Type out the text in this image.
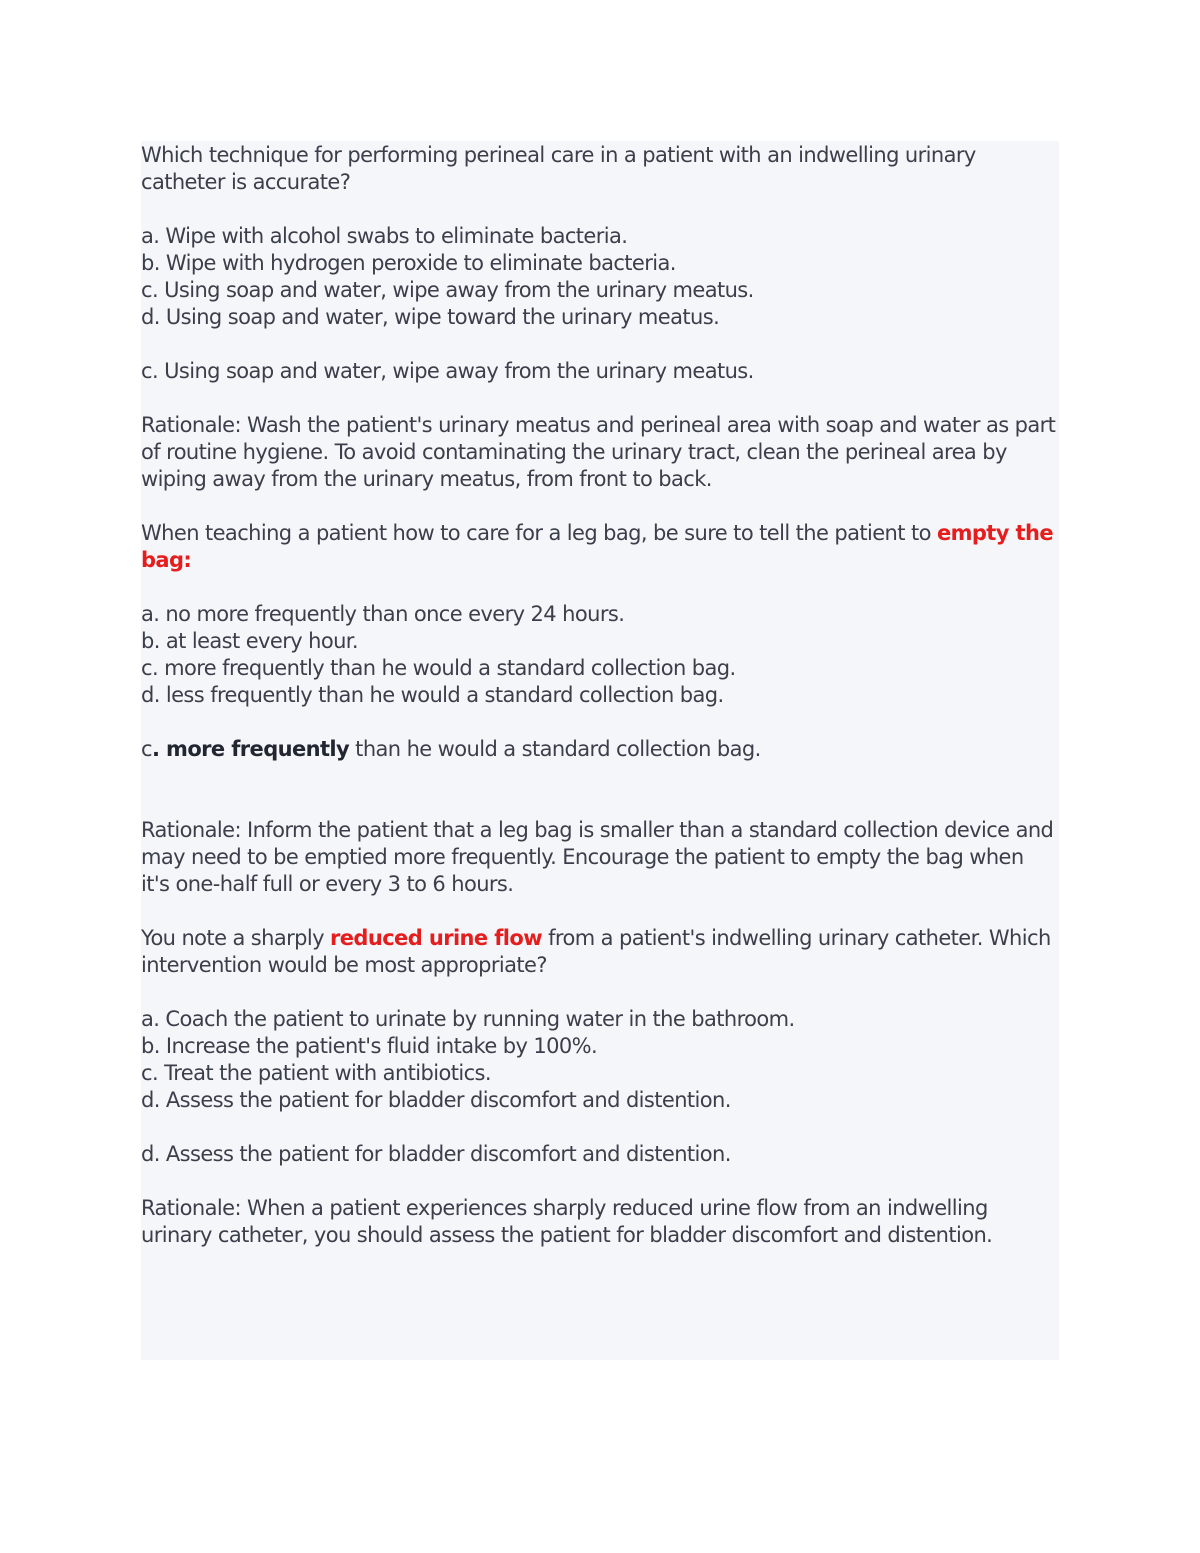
Which technique for performing perineal care in a patient with an indwelling urinary catheter is accurate?

a. Wipe with alcohol swabs to eliminate bacteria.
b. Wipe with hydrogen peroxide to eliminate bacteria.
c. Using soap and water, wipe away from the urinary meatus.
d. Using soap and water, wipe toward the urinary meatus.

c. Using soap and water, wipe away from the urinary meatus.

Rationale: Wash the patient's urinary meatus and perineal area with soap and water as part of routine hygiene. To avoid contaminating the urinary tract, clean the perineal area by wiping away from the urinary meatus, from front to back.

When teaching a patient how to care for a leg bag, be sure to tell the patient to empty the bag:

a. no more frequently than once every 24 hours.
b. at least every hour.
c. more frequently than he would a standard collection bag.
d. less frequently than he would a standard collection bag.

c. more frequently than he would a standard collection bag.

Rationale: Inform the patient that a leg bag is smaller than a standard collection device and may need to be emptied more frequently. Encourage the patient to empty the bag when it's one-half full or every 3 to 6 hours.

You note a sharply reduced urine flow from a patient's indwelling urinary catheter. Which intervention would be most appropriate?

a. Coach the patient to urinate by running water in the bathroom.
b. Increase the patient's fluid intake by 100%.
c. Treat the patient with antibiotics.
d. Assess the patient for bladder discomfort and distention.

d. Assess the patient for bladder discomfort and distention.

Rationale: When a patient experiences sharply reduced urine flow from an indwelling urinary catheter, you should assess the patient for bladder discomfort and distention.
